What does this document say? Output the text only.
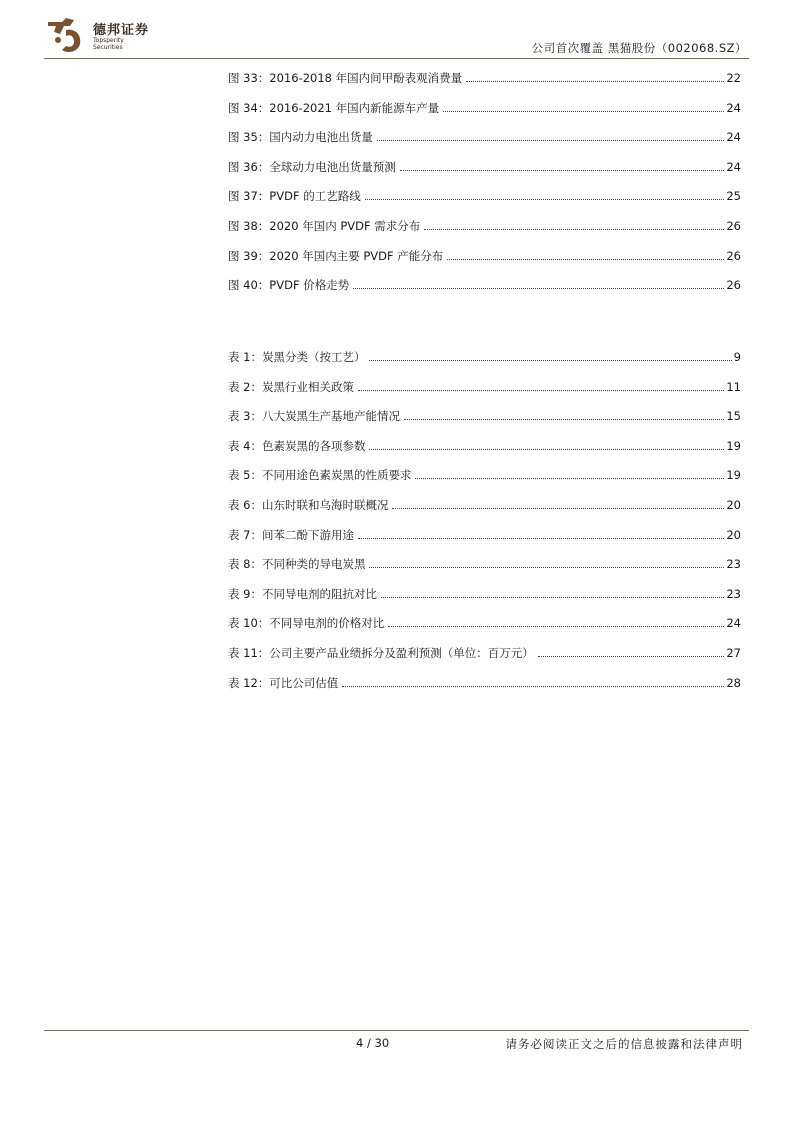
德邦证券
Topsperity Securities	公司首次覆盖 黑猫股份（002068.SZ）
图 33：2016-2018 年国内间甲酚表观消费量	22
图 34：2016-2021 年国内新能源车产量	24
图 35：国内动力电池出货量	24
图 36：全球动力电池出货量预测	24
图 37：PVDF 的工艺路线	25
图 38：2020 年国内 PVDF 需求分布	26
图 39：2020 年国内主要 PVDF 产能分布	26
图 40：PVDF 价格走势	26
表 1：炭黑分类（按工艺）	9
表 2：炭黑行业相关政策	11
表 3：八大炭黑生产基地产能情况	15
表 4：色素炭黑的各项参数	19
表 5：不同用途色素炭黑的性质要求	19
表 6：山东时联和乌海时联概况	20
表 7：间苯二酚下游用途	20
表 8：不同种类的导电炭黑	23
表 9：不同导电剂的阻抗对比	23
表 10：不同导电剂的价格对比	24
表 11：公司主要产品业绩拆分及盈利预测（单位：百万元）	27
表 12：可比公司估值	28
4 / 30	请务必阅读正文之后的信息披露和法律声明
